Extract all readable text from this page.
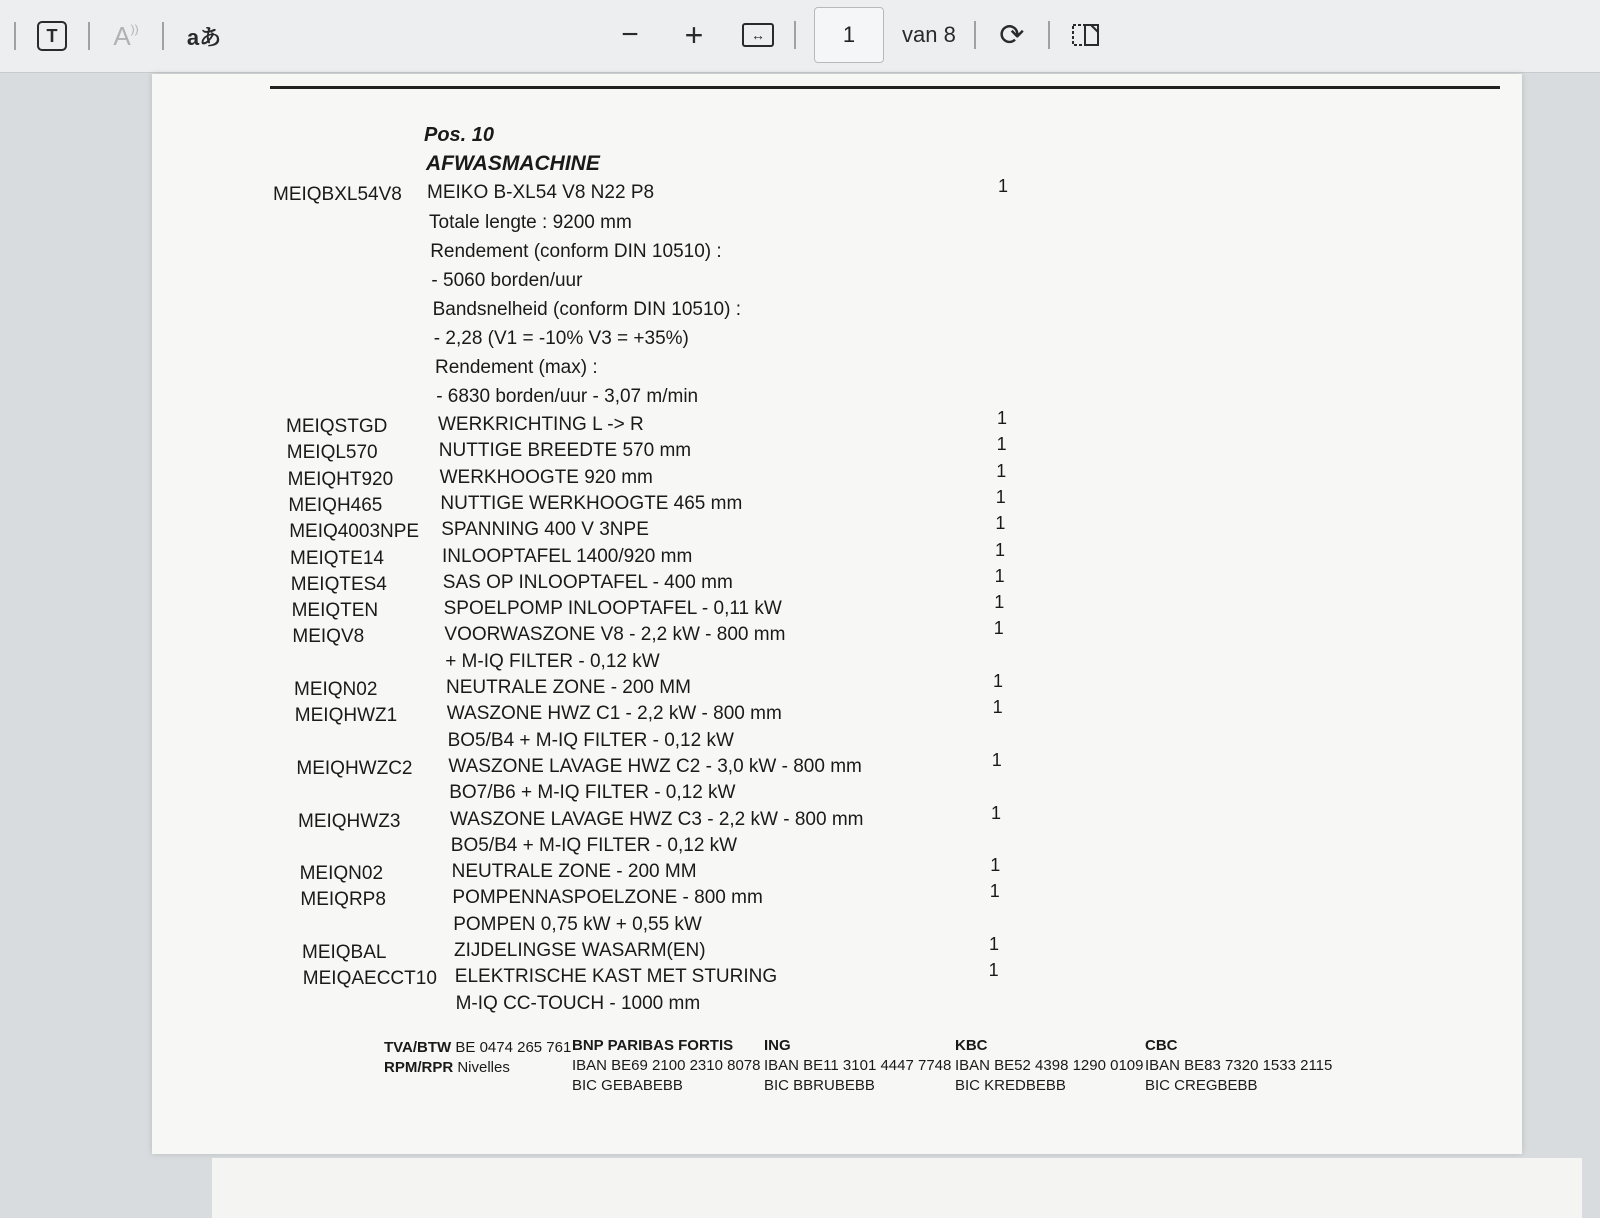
T	A )) aあ	− +	↔
1	van 8 ⟳
Pos. 10
AFWASMACHINE
MEIQBXL54V8 MEIKO B-XL54 V8 N22 P8	1
Totale lengte : 9200 mm
Rendement (conform DIN 10510) :
- 5060 borden/uur
Bandsnelheid (conform DIN 10510) :
- 2,28 (V1 = -10% V3 = +35%)
Rendement (max) :
- 6830 borden/uur - 3,07 m/min
MEIQSTGD	WERKRICHTING L -> R	1
MEIQL570	NUTTIGE BREEDTE 570 mm	1
MEIQHT920 WERKHOOGTE 920 mm	1
MEIQH465	NUTTIGE WERKHOOGTE 465 mm	1
MEIQ4003NPE SPANNING 400 V 3NPE	1
MEIQTE14	INLOOPTAFEL 1400/920 mm	1
MEIQTES4	SAS OP INLOOPTAFEL - 400 mm	1
MEIQTEN	SPOELPOMP INLOOPTAFEL - 0,11 kW	1
MEIQV8	VOORWASZONE V8 - 2,2 kW - 800 mm	1
+ M-IQ FILTER - 0,12 kW
MEIQN02	NEUTRALE ZONE - 200 MM	1
MEIQHWZ1	WASZONE HWZ C1 - 2,2 kW - 800 mm	1
BO5/B4 + M-IQ FILTER - 0,12 kW
MEIQHWZC2 WASZONE LAVAGE HWZ C2 - 3,0 kW - 800 mm	1
BO7/B6 + M-IQ FILTER - 0,12 kW
MEIQHWZ3	WASZONE LAVAGE HWZ C3 - 2,2 kW - 800 mm	1
BO5/B4 + M-IQ FILTER - 0,12 kW
MEIQN02	NEUTRALE ZONE - 200 MM	1
MEIQRP8	POMPENNASPOELZONE - 800 mm	1
POMPEN 0,75 kW + 0,55 kW
MEIQBAL	ZIJDELINGSE WASARM(EN)	1
MEIQAECCT10 ELEKTRISCHE KAST MET STURING	1
M-IQ CC-TOUCH - 1000 mm
TVA/BTW BE 0474 265 761
RPM/RPR Nivelles
BNP PARIBAS FORTIS
IBAN BE69 2100 2310 8078
BIC GEBABEBB
ING
IBAN BE11 3101 4447 7748
BIC BBRUBEBB
KBC
IBAN BE52 4398 1290 0109
BIC KREDBEBB
CBC
IBAN BE83 7320 1533 2115
BIC CREGBEBB
